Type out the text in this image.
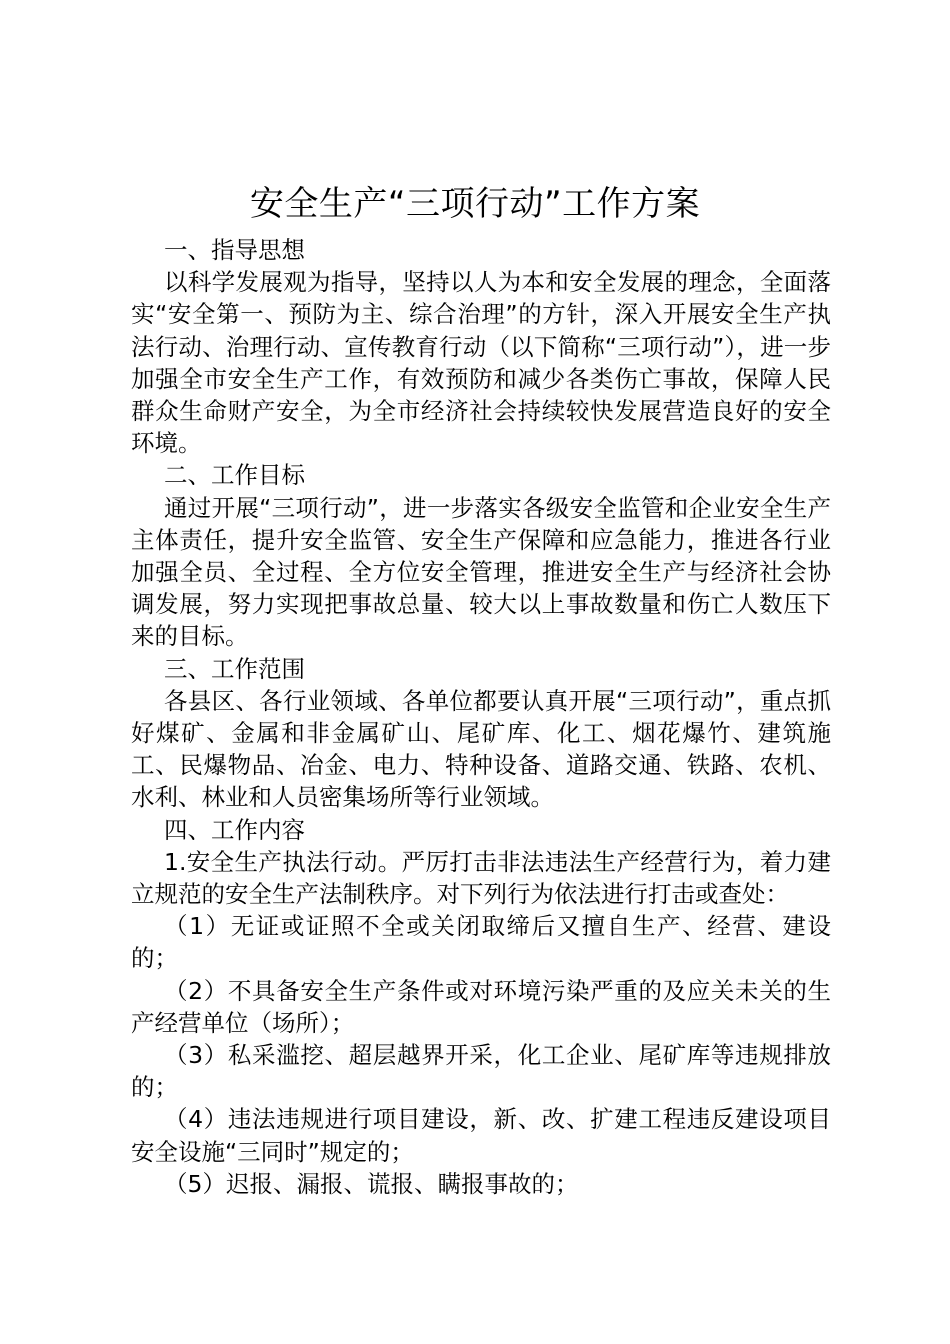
安全生产“三项行动”工作方案

一、指导思想

以科学发展观为指导，坚持以人为本和安全发展的理念，全面落实“安全第一、预防为主、综合治理”的方针，深入开展安全生产执法行动、治理行动、宣传教育行动（以下简称“三项行动”），进一步加强全市安全生产工作，有效预防和减少各类伤亡事故，保障人民群众生命财产安全，为全市经济社会持续较快发展营造良好的安全环境。

二、工作目标

通过开展“三项行动”，进一步落实各级安全监管和企业安全生产主体责任，提升安全监管、安全生产保障和应急能力，推进各行业加强全员、全过程、全方位安全管理，推进安全生产与经济社会协调发展，努力实现把事故总量、较大以上事故数量和伤亡人数压下来的目标。

三、工作范围

各县区、各行业领域、各单位都要认真开展“三项行动”，重点抓好煤矿、金属和非金属矿山、尾矿库、化工、烟花爆竹、建筑施工、民爆物品、冶金、电力、特种设备、道路交通、铁路、农机、水利、林业和人员密集场所等行业领域。

四、工作内容

1.安全生产执法行动。严厉打击非法违法生产经营行为，着力建立规范的安全生产法制秩序。对下列行为依法进行打击或查处：

（1）无证或证照不全或关闭取缔后又擅自生产、经营、建设的；

（2）不具备安全生产条件或对环境污染严重的及应关未关的生产经营单位（场所）；

（3）私采滥挖、超层越界开采，化工企业、尾矿库等违规排放的；

（4）违法违规进行项目建设，新、改、扩建工程违反建设项目安全设施“三同时”规定的；

（5）迟报、漏报、谎报、瞒报事故的；
